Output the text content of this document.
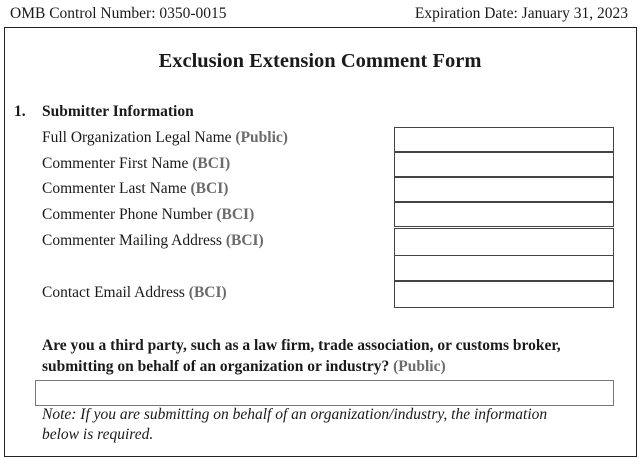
OMB Control Number: 0350-0015	Expiration Date: January 31, 2023
Exclusion Extension Comment Form
1. Submitter Information
Full Organization Legal Name (Public)
Commenter First Name (BCI)
Commenter Last Name (BCI)
Commenter Phone Number (BCI)
Commenter Mailing Address (BCI)
Contact Email Address (BCI)
Are you a third party, such as a law firm, trade association, or customs broker,
submitting on behalf of an organization or industry? (Public)
Note: If you are submitting on behalf of an organization/industry, the information
below is required.
